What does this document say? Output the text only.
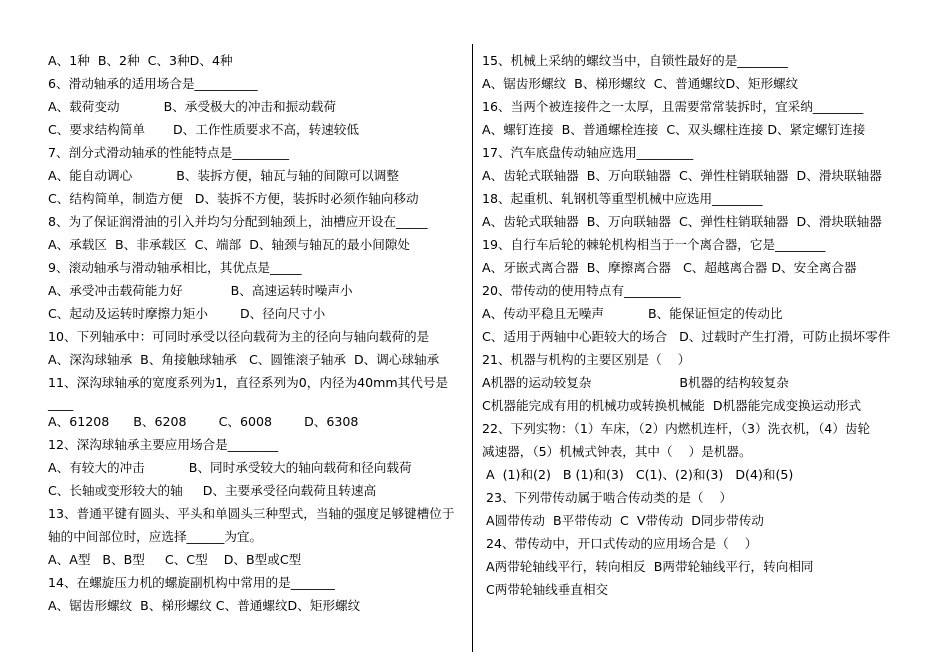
A、1种  B、2种  C、3种D、4种
6、滑动轴承的适用场合是__________
A、载荷变动           B、承受极大的冲击和振动载荷
C、要求结构简单       D、工作性质要求不高，转速较低
7、剖分式滑动轴承的性能特点是_________
A、能自动调心           B、装拆方便，轴瓦与轴的间隙可以调整
C、结构简单，制造方便   D、装拆不方便，装拆时必须作轴向移动
8、为了保证润滑油的引入并均匀分配到轴颈上，油槽应开设在_____
A、承载区  B、非承载区  C、端部  D、轴颈与轴瓦的最小间隙处
9、滚动轴承与滑动轴承相比，其优点是_____
A、承受冲击载荷能力好            B、高速运转时噪声小
C、起动及运转时摩擦力矩小        D、径向尺寸小
10、下列轴承中：可同时承受以径向载荷为主的径向与轴向载荷的是
A、深沟球轴承  B、角接触球轴承   C、圆锥滚子轴承  D、调心球轴承
11、深沟球轴承的宽度系列为1，直径系列为0，内径为40mm其代号是
____
A、61208      B、6208        C、6008        D、6308
12、深沟球轴承主要应用场合是________
A、有较大的冲击           B、同时承受较大的轴向载荷和径向载荷
C、长轴或变形较大的轴     D、主要承受径向载荷且转速高
13、普通平键有圆头、平头和单圆头三种型式，当轴的强度足够键槽位于
轴的中间部位时，应选择______为宜。
A、A型   B、B型     C、C型    D、B型或C型
14、在螺旋压力机的螺旋副机构中常用的是_______
A、锯齿形螺纹  B、梯形螺纹 C、普通螺纹D、矩形螺纹
15、机械上采纳的螺纹当中，自锁性最好的是________
A、锯齿形螺纹  B、梯形螺纹  C、普通螺纹D、矩形螺纹
16、当两个被连接件之一太厚，且需要常常装拆时，宜采纳________
A、螺钉连接  B、普通螺栓连接  C、双头螺柱连接 D、紧定螺钉连接
17、汽车底盘传动轴应选用_________
A、齿轮式联轴器  B、万向联轴器  C、弹性柱销联轴器  D、滑块联轴器
18、起重机、轧钢机等重型机械中应选用________
A、齿轮式联轴器  B、万向联轴器  C、弹性柱销联轴器  D、滑块联轴器
19、自行车后轮的棘轮机构相当于一个离合器，它是________
A、牙嵌式离合器  B、摩擦离合器   C、超越离合器 D、安全离合器
20、带传动的使用特点有_________
A、传动平稳且无噪声           B、能保证恒定的传动比
C、适用于两轴中心距较大的场合   D、过载时产生打滑，可防止损坏零件
21、机器与机构的主要区别是（    ）
A机器的运动较复杂                      B机器的结构较复杂
C机器能完成有用的机械功或转换机械能  D机器能完成变换运动形式
22、下列实物：（1）车床，（2）内燃机连杆，（3）洗衣机，（4）齿轮
减速器，（5）机械式钟表，其中（    ）是机器。
A  (1)和(2)   B (1)和(3)   C(1)、(2)和(3)   D(4)和(5)
23、下列带传动属于啮合传动类的是（    ）
A圆带传动  B平带传动  C  V带传动  D同步带传动
24、带传动中，开口式传动的应用场合是（    ）
A两带轮轴线平行，转向相反  B两带轮轴线平行，转向相同
C两带轮轴线垂直相交
